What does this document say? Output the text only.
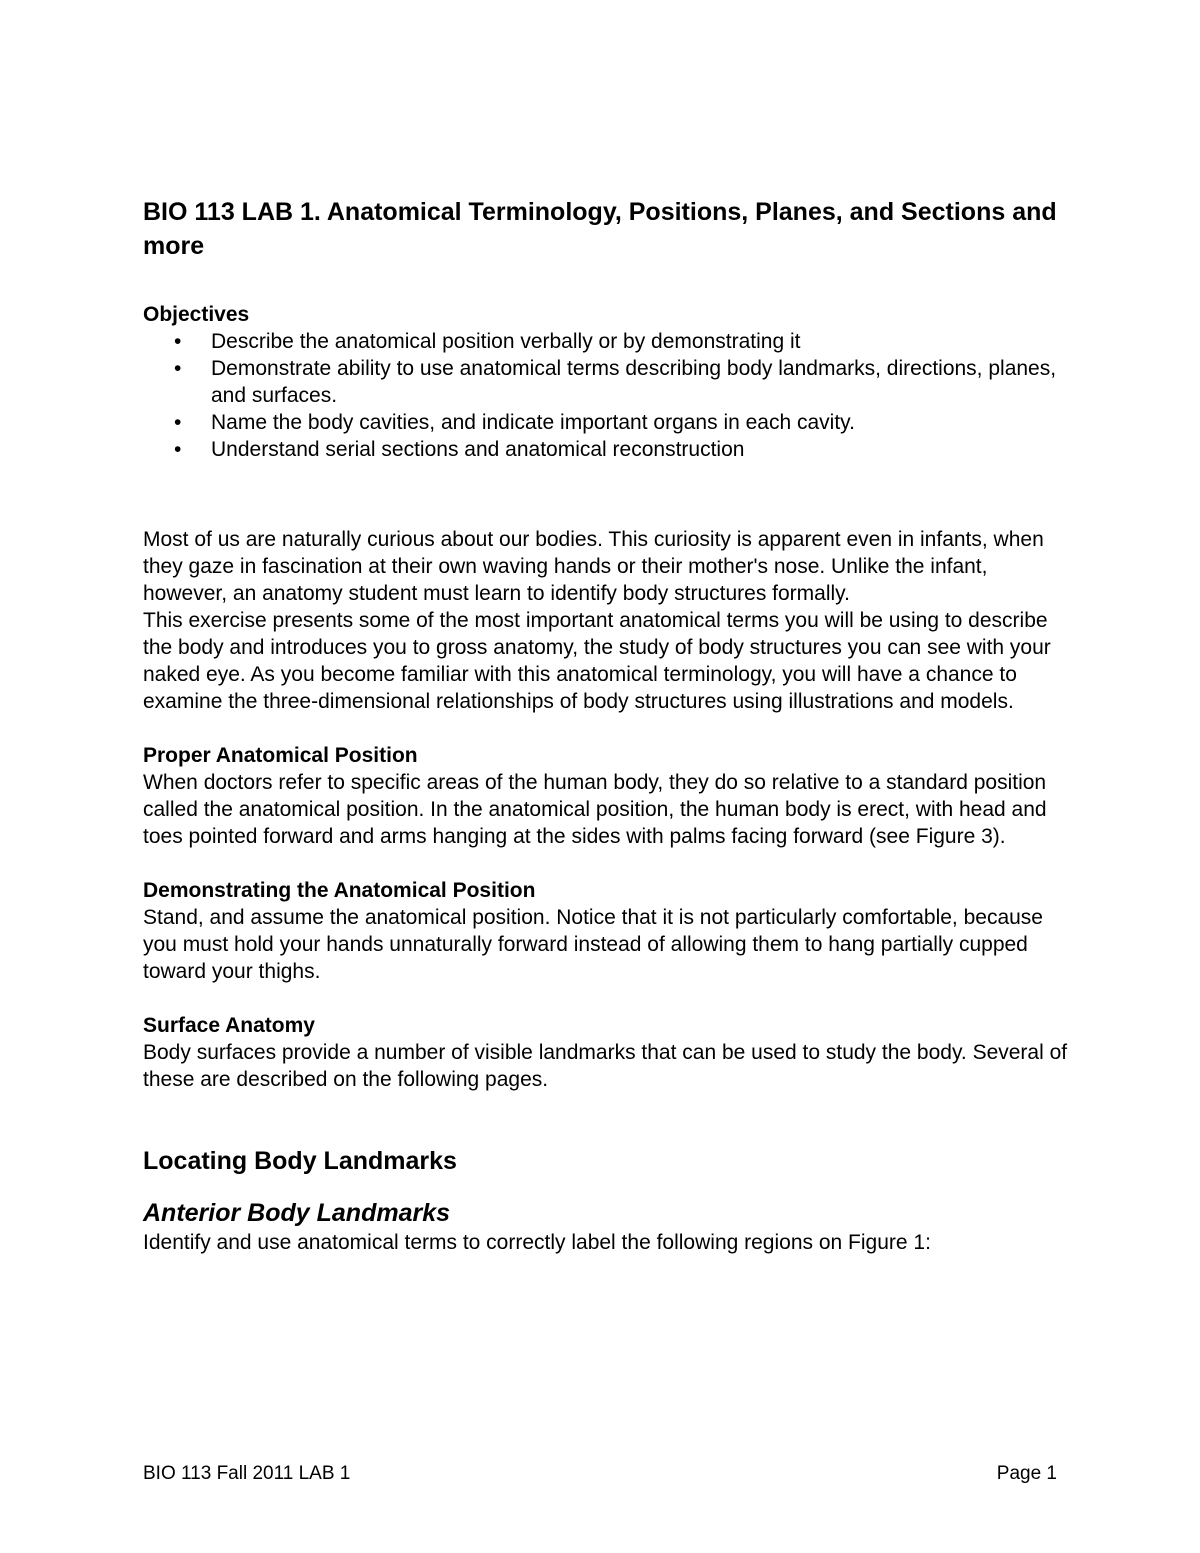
BIO 113 LAB 1. Anatomical Terminology, Positions, Planes, and Sections and more
Objectives
• Describe the anatomical position verbally or by demonstrating it
• Demonstrate ability to use anatomical terms describing body landmarks, directions, planes, and surfaces.
• Name the body cavities, and indicate important organs in each cavity.
• Understand serial sections and anatomical reconstruction

Most of us are naturally curious about our bodies. This curiosity is apparent even in infants, when they gaze in fascination at their own waving hands or their mother's nose. Unlike the infant, however, an anatomy student must learn to identify body structures formally.

This exercise presents some of the most important anatomical terms you will be using to describe the body and introduces you to gross anatomy, the study of body structures you can see with your naked eye. As you become familiar with this anatomical terminology, you will have a chance to examine the three-dimensional relationships of body structures using illustrations and models.

Proper Anatomical Position

When doctors refer to specific areas of the human body, they do so relative to a standard position called the anatomical position. In the anatomical position, the human body is erect, with head and toes pointed forward and arms hanging at the sides with palms facing forward (see Figure 3).

Demonstrating the Anatomical Position

Stand, and assume the anatomical position. Notice that it is not particularly comfortable, because you must hold your hands unnaturally forward instead of allowing them to hang partially cupped toward your thighs.

Surface Anatomy

Body surfaces provide a number of visible landmarks that can be used to study the body. Several of these are described on the following pages.

Locating Body Landmarks
Anterior Body Landmarks

Identify and use anatomical terms to correctly label the following regions on Figure 1:

BIO 113 Fall 2011 LAB 1	Page 1
